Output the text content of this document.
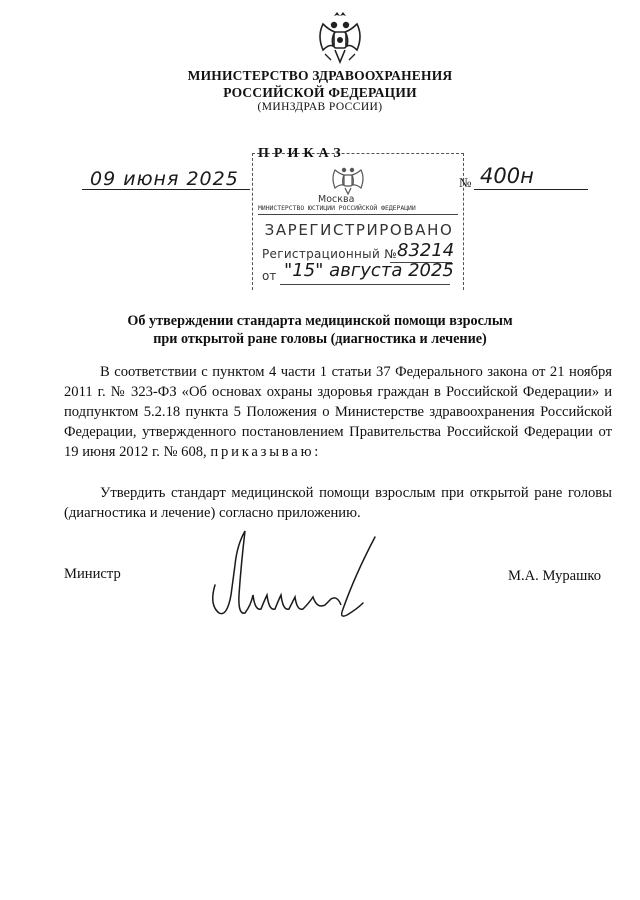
МИНИСТЕРСТВО ЗДРАВООХРАНЕНИЯ
РОССИЙСКОЙ ФЕДЕРАЦИИ
(МИНЗДРАВ РОССИИ)
ПРИКАЗ
09 июня 2025	№ 400н
Москва
МИНИСТЕРСТВО ЮСТИЦИИ РОССИЙСКОЙ ФЕДЕРАЦИИ
ЗАРЕГИСТРИРОВАНО
Регистрационный № 83214
от "15" августа 2025
Об утверждении стандарта медицинской помощи взрослым
при открытой ране головы (диагностика и лечение)
В соответствии с пунктом 4 части 1 статьи 37 Федерального закона от 21 ноября 2011 г. № 323-ФЗ «Об основах охраны здоровья граждан в Российской Федерации» и подпунктом 5.2.18 пункта 5 Положения о Министерстве здравоохранения Российской Федерации, утвержденного постановлением Правительства Российской Федерации от 19 июня 2012 г. № 608, приказываю:
Утвердить стандарт медицинской помощи взрослым при открытой ране головы (диагностика и лечение) согласно приложению.
Министр	М.А. Мурашко
